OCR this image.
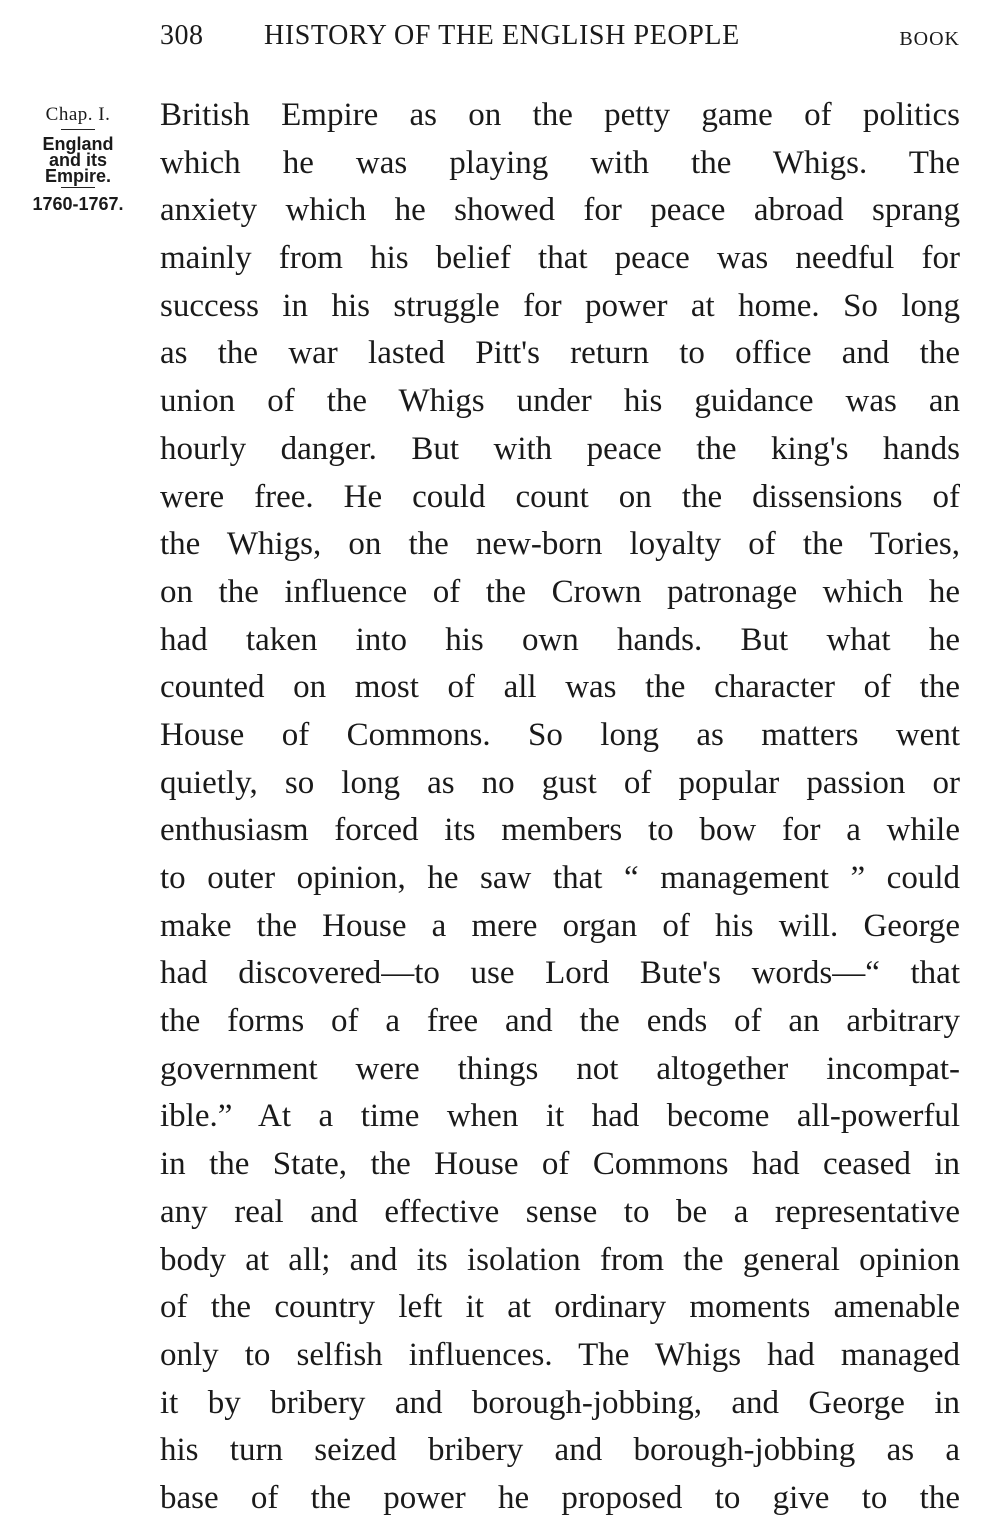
308 HISTORY OF THE ENGLISH PEOPLE	BOOK
Chap. I.
England
and its
Empire.
1760-1767.
British Empire as on the petty game of politics
which he was playing with the Whigs. The
anxiety which he showed for peace abroad sprang
mainly from his belief that peace was needful for
success in his struggle for power at home. So long
as the war lasted Pitt's return to office and the
union of the Whigs under his guidance was an
hourly danger. But with peace the king's hands
were free. He could count on the dissensions of
the Whigs, on the new-born loyalty of the Tories,
on the influence of the Crown patronage which he
had taken into his own hands. But what he
counted on most of all was the character of the
House of Commons. So long as matters went
quietly, so long as no gust of popular passion or
enthusiasm forced its members to bow for a while
to outer opinion, he saw that “ management ” could
make the House a mere organ of his will. George
had discovered—to use Lord Bute's words—“ that
the forms of a free and the ends of an arbitrary
government were things not altogether incompat-
ible.” At a time when it had become all-powerful
in the State, the House of Commons had ceased in
any real and effective sense to be a representative
body at all; and its isolation from the general opinion
of the country left it at ordinary moments amenable
only to selfish influences. The Whigs had managed
it by bribery and borough-jobbing, and George in
his turn seized bribery and borough-jobbing as a
base of the power he proposed to give to the
